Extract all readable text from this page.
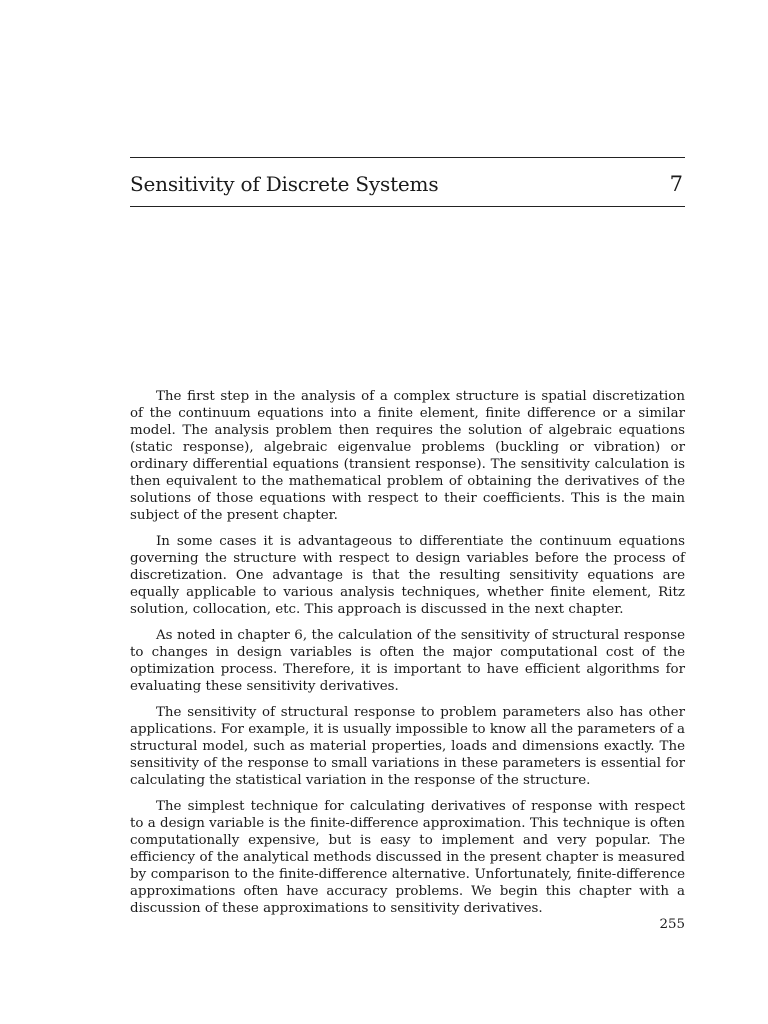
Sensitivity of Discrete Systems	7

The first step in the analysis of a complex structure is spatial discretization of the continuum equations into a finite element, finite difference or a similar model. The analysis problem then requires the solution of algebraic equations (static response), algebraic eigenvalue problems (buckling or vibration) or ordinary differential equations (transient response). The sensitivity calculation is then equivalent to the mathematical problem of obtaining the derivatives of the solutions of those equations with respect to their coefficients. This is the main subject of the present chapter.

In some cases it is advantageous to differentiate the continuum equations governing the structure with respect to design variables before the process of discretization. One advantage is that the resulting sensitivity equations are equally applicable to various analysis techniques, whether finite element, Ritz solution, collocation, etc. This approach is discussed in the next chapter.

As noted in chapter 6, the calculation of the sensitivity of structural response to changes in design variables is often the major computational cost of the optimization process. Therefore, it is important to have efficient algorithms for evaluating these sensitivity derivatives.

The sensitivity of structural response to problem parameters also has other applications. For example, it is usually impossible to know all the parameters of a structural model, such as material properties, loads and dimensions exactly. The sensitivity of the response to small variations in these parameters is essential for calculating the statistical variation in the response of the structure.

The simplest technique for calculating derivatives of response with respect to a design variable is the finite-difference approximation. This technique is often computationally expensive, but is easy to implement and very popular. The efficiency of the analytical methods discussed in the present chapter is measured by comparison to the finite-difference alternative. Unfortunately, finite-difference approximations often have accuracy problems. We begin this chapter with a discussion of these approximations to sensitivity derivatives.

255
